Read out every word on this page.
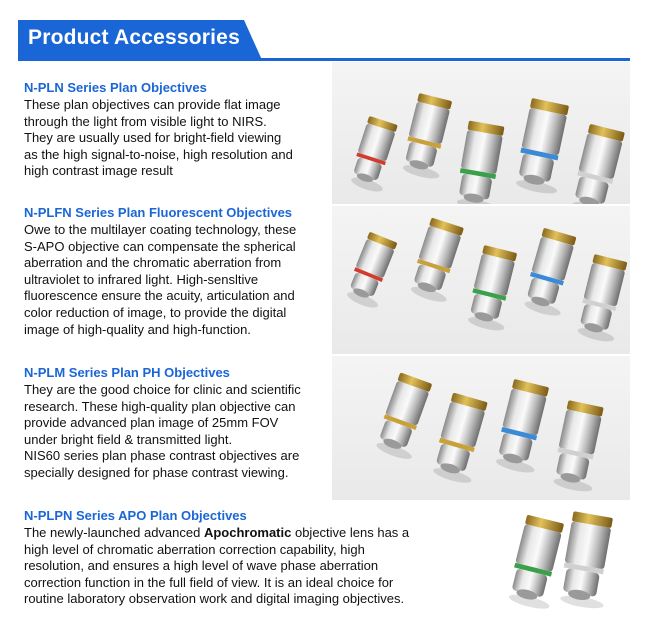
Product Accessories
N-PLN Series Plan Objectives
These plan objectives can provide flat image
through the light from visible light to NIRS.
They are usually used for bright-field viewing
as the high signal-to-noise, high resolution and
high contrast image result
N-PLFN Series Plan Fluorescent Objectives
Owe to the multilayer coating technology, these
S-APO objective can compensate the spherical
aberration and the chromatic aberration from
ultraviolet to infrared light. High-sensltive
fluorescence ensure the acuity, articulation and
color reduction of image, to provide the digital
image of high-quality and high-function.
N-PLM Series Plan PH Objectives
They are the good choice for clinic and scientific
research. These high-quality plan objective can
provide advanced plan image of 25mm FOV
under bright field & transmitted light.
NIS60 series plan phase contrast objectives are
specially designed for phase contrast viewing.
N-PLPN Series APO Plan Objectives
The newly-launched advanced Apochromatic objective lens has a
high level of chromatic aberration correction capability, high
resolution, and ensures a high level of wave phase aberration
correction function in the full field of view. It is an ideal choice for
routine laboratory observation work and digital imaging objectives.
